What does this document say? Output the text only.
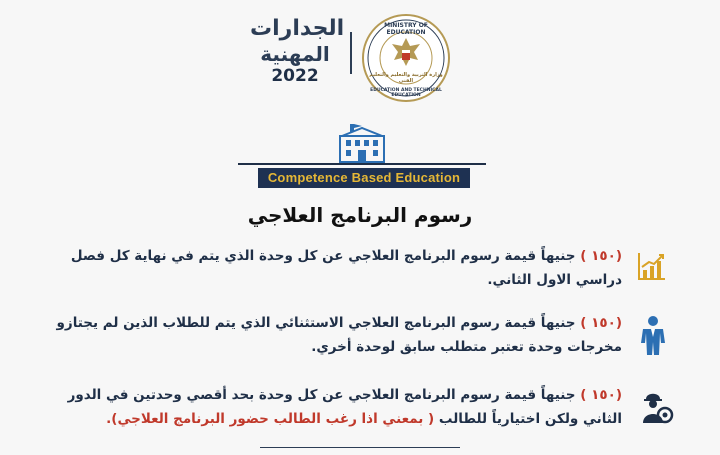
الجدارات
المهنية
2022
MINISTRY OF EDUCATION
EDUCATION AND TECHNICAL EDUCATION
وزارة التربية والتعليم والتعليم الفني
Competence Based Education
رسوم البرنامج العلاجي
(١٥٠ ) جنيهاً قيمة رسوم البرنامج العلاجي عن كل وحدة الذي يتم في نهاية كل فصل دراسي الاول الثاني.
(١٥٠ ) جنيهاً قيمة رسوم البرنامج العلاجي الاستثنائي الذي يتم للطلاب الذين لم يجتازو مخرجات وحدة تعتبر متطلب سابق لوحدة أخري.
(١٥٠ ) جنيهاً قيمة رسوم البرنامج العلاجي عن كل وحدة بحد أقصي وحدتين في الدور الثاني ولكن اختيارياً للطالب ( بمعني اذا رغب الطالب حضور البرنامج العلاجي).
